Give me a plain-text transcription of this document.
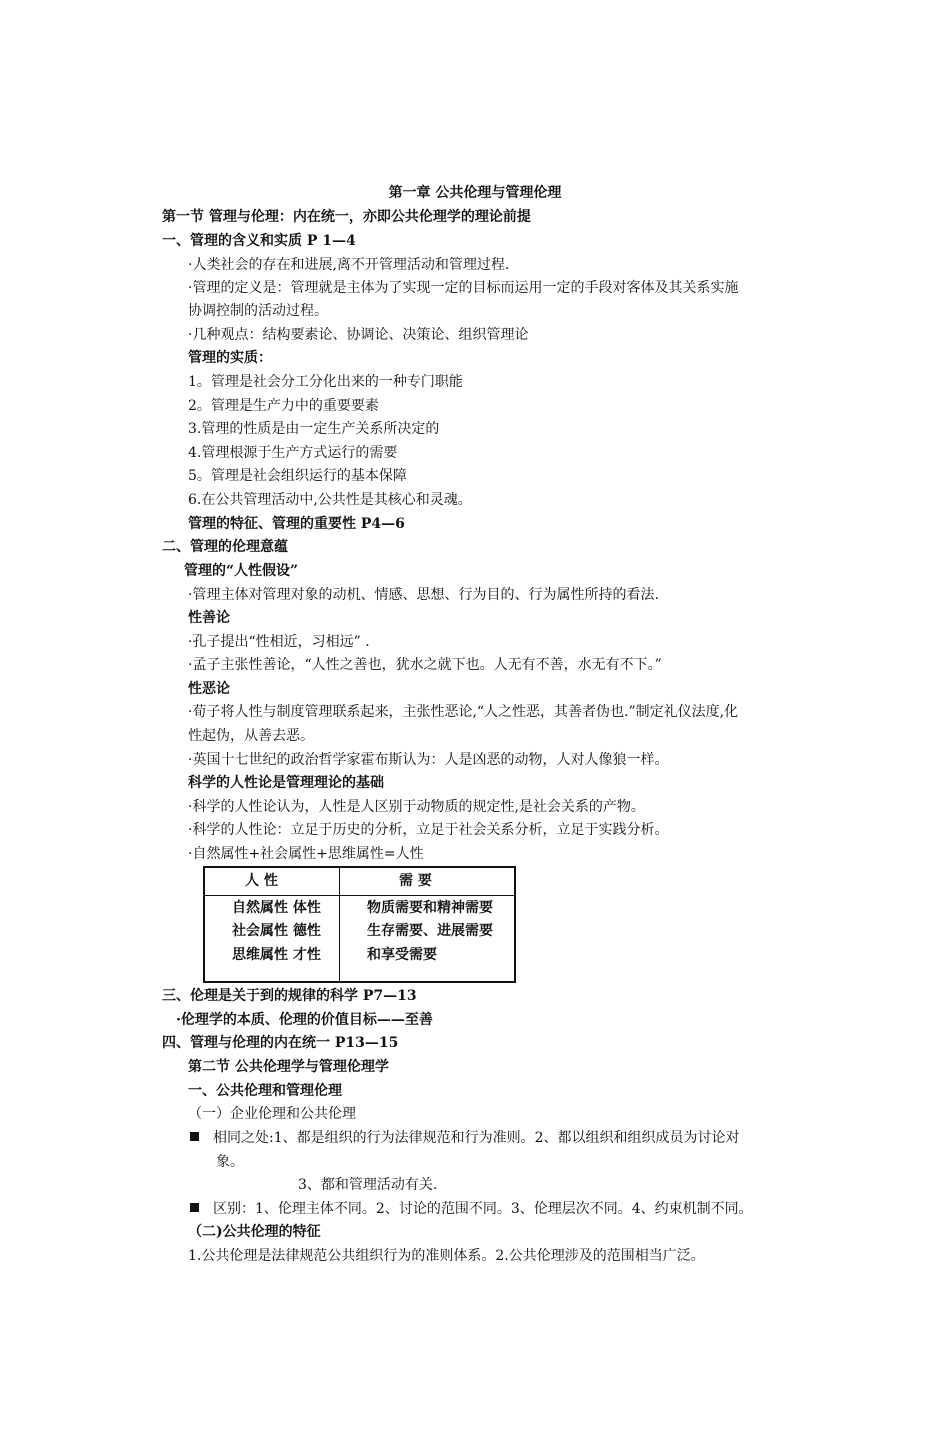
第一章 公共伦理与管理伦理
第一节 管理与伦理：内在统一，亦即公共伦理学的理论前提
一、管理的含义和实质 P 1—4
·人类社会的存在和进展,离不开管理活动和管理过程.
·管理的定义是：管理就是主体为了实现一定的目标而运用一定的手段对客体及其关系实施
协调控制的活动过程。
·几种观点：结构要素论、协调论、决策论、组织管理论
管理的实质：
1。管理是社会分工分化出来的一种专门职能
2。管理是生产力中的重要要素
3.管理的性质是由一定生产关系所决定的
4.管理根源于生产方式运行的需要
5。管理是社会组织运行的基本保障
6.在公共管理活动中,公共性是其核心和灵魂。
管理的特征、管理的重要性 P4—6
二、管理的伦理意蕴
管理的“人性假设”
·管理主体对管理对象的动机、情感、思想、行为目的、行为属性所持的看法.
性善论
·孔子提出“性相近，习相远” .
·孟子主张性善论，“人性之善也，犹水之就下也。人无有不善，水无有不下。”
性恶论
·荀子将人性与制度管理联系起来，主张性恶论,“人之性恶，其善者伪也.”制定礼仪法度,化
性起伪，从善去恶。
·英国十七世纪的政治哲学家霍布斯认为：人是凶恶的动物，人对人像狼一样。
科学的人性论是管理理论的基础
·科学的人性论认为，人性是人区别于动物质的规定性,是社会关系的产物。
·科学的人性论：立足于历史的分析，立足于社会关系分析，立足于实践分析。
·自然属性+社会属性+思维属性=人性
人 性	需 要
自然属性 体性
社会属性 德性
思维属性 才性
物质需要和精神需要
生存需要、进展需要
和享受需要
三、伦理是关于到的规律的科学 P7—13
·伦理学的本质、伦理的价值目标——至善
四、管理与伦理的内在统一 P13—15
第二节 公共伦理学与管理伦理学
一、公共伦理和管理伦理
（一）企业伦理和公共伦理
相同之处:1、都是组织的行为法律规范和行为准则。2、都以组织和组织成员为讨论对
象。
3、都和管理活动有关.
区别：1、伦理主体不同。2、讨论的范围不同。3、伦理层次不同。4、约束机制不同。
（二)公共伦理的特征
1.公共伦理是法律规范公共组织行为的准则体系。2.公共伦理涉及的范围相当广泛。
